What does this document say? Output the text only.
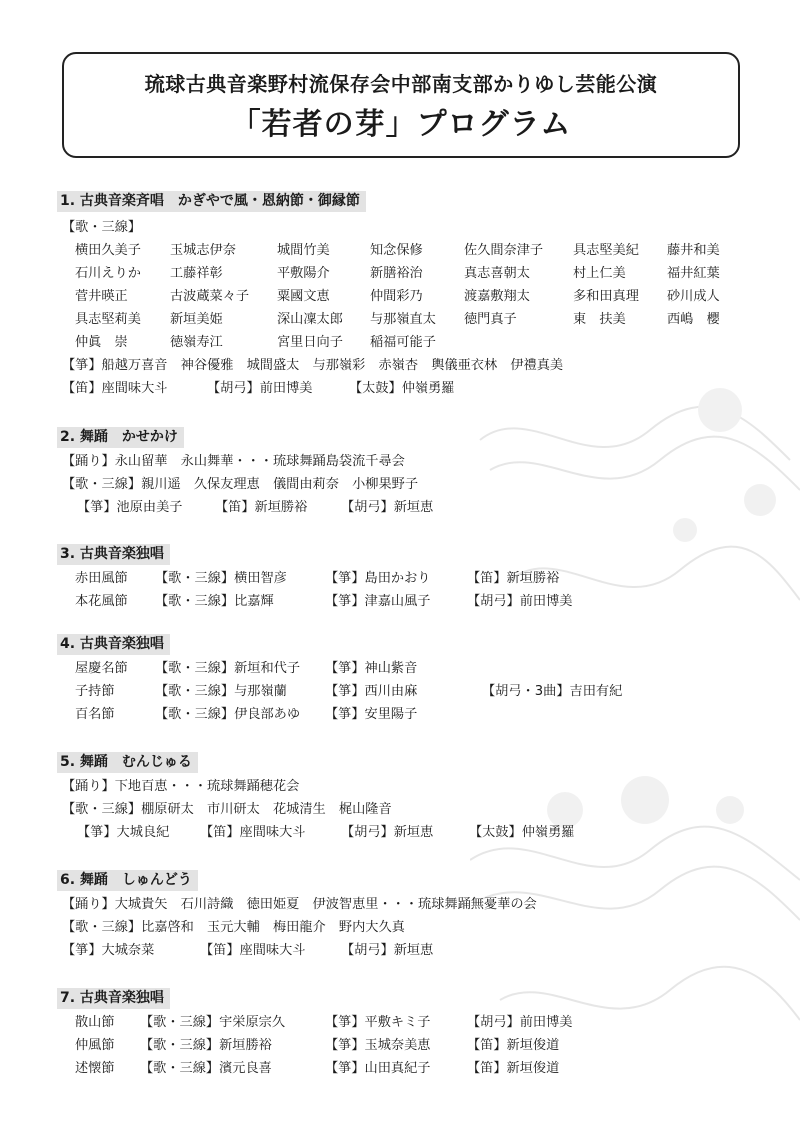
琉球古典音楽野村流保存会中部南支部かりゆし芸能公演
「若者の芽」プログラム
1. 古典音楽斉唱　かぎやで風・恩納節・御縁節
【歌・三線】
横田久美子 玉城志伊奈	城間竹美	知念保修	佐久間奈津子 具志堅美紀 藤井和美
石川えりか 工藤祥彰	平敷陽介	新膳裕治	真志喜朝太	村上仁美	福井紅葉
菅井暎正	古波蔵菜々子 粟國文恵	仲間彩乃	渡嘉敷翔太	多和田真理 砂川成人
具志堅莉美 新垣美姫	深山凜太郎 与那嶺直太 徳門真子	東　扶美	西嶋　櫻
仲眞　崇	徳嶺寿江	宮里日向子 稲福可能子
【箏】船越万喜音　神谷優雅　城間盛太　与那嶺彩　赤嶺杏　輿儀亜衣林　伊禮真美
【笛】座間味大斗	【胡弓】前田博美	【太鼓】仲嶺勇羅
2. 舞踊　かせかけ
【踊り】永山留華　永山舞華・・・琉球舞踊島袋流千尋会
【歌・三線】親川遥　久保友理恵　儀間由莉奈　小柳果野子
【箏】池原由美子 【笛】新垣勝裕	【胡弓】新垣恵
3. 古典音楽独唱
赤田風節 【歌・三線】横田智彦	【箏】島田かおり	【笛】新垣勝裕
本花風節 【歌・三線】比嘉輝	【箏】津嘉山風子	【胡弓】前田博美
4. 古典音楽独唱
屋慶名節 【歌・三線】新垣和代子 【箏】神山紫音
子持節	【歌・三線】与那嶺蘭	【箏】西川由麻	【胡弓・3曲】吉田有紀
百名節	【歌・三線】伊良部あゆ 【箏】安里陽子
5. 舞踊　むんじゅる
【踊り】下地百恵・・・琉球舞踊穂花会
【歌・三線】棚原研太　市川研太　花城清生　梶山隆音
【箏】大城良紀 【笛】座間味大斗	【胡弓】新垣恵	【太鼓】仲嶺勇羅
6. 舞踊　しゅんどう
【踊り】大城貴矢　石川詩織　徳田姫夏　伊波智恵里・・・琉球舞踊無憂華の会
【歌・三線】比嘉啓和　玉元大輔　梅田龍介　野内大久真
【箏】大城奈菜	【笛】座間味大斗	【胡弓】新垣恵
7. 古典音楽独唱
散山節 【歌・三線】宇栄原宗久	【箏】平敷キミ子	【胡弓】前田博美
仲風節 【歌・三線】新垣勝裕	【箏】玉城奈美恵	【笛】新垣俊道
述懐節 【歌・三線】濱元良喜	【箏】山田真紀子	【笛】新垣俊道
